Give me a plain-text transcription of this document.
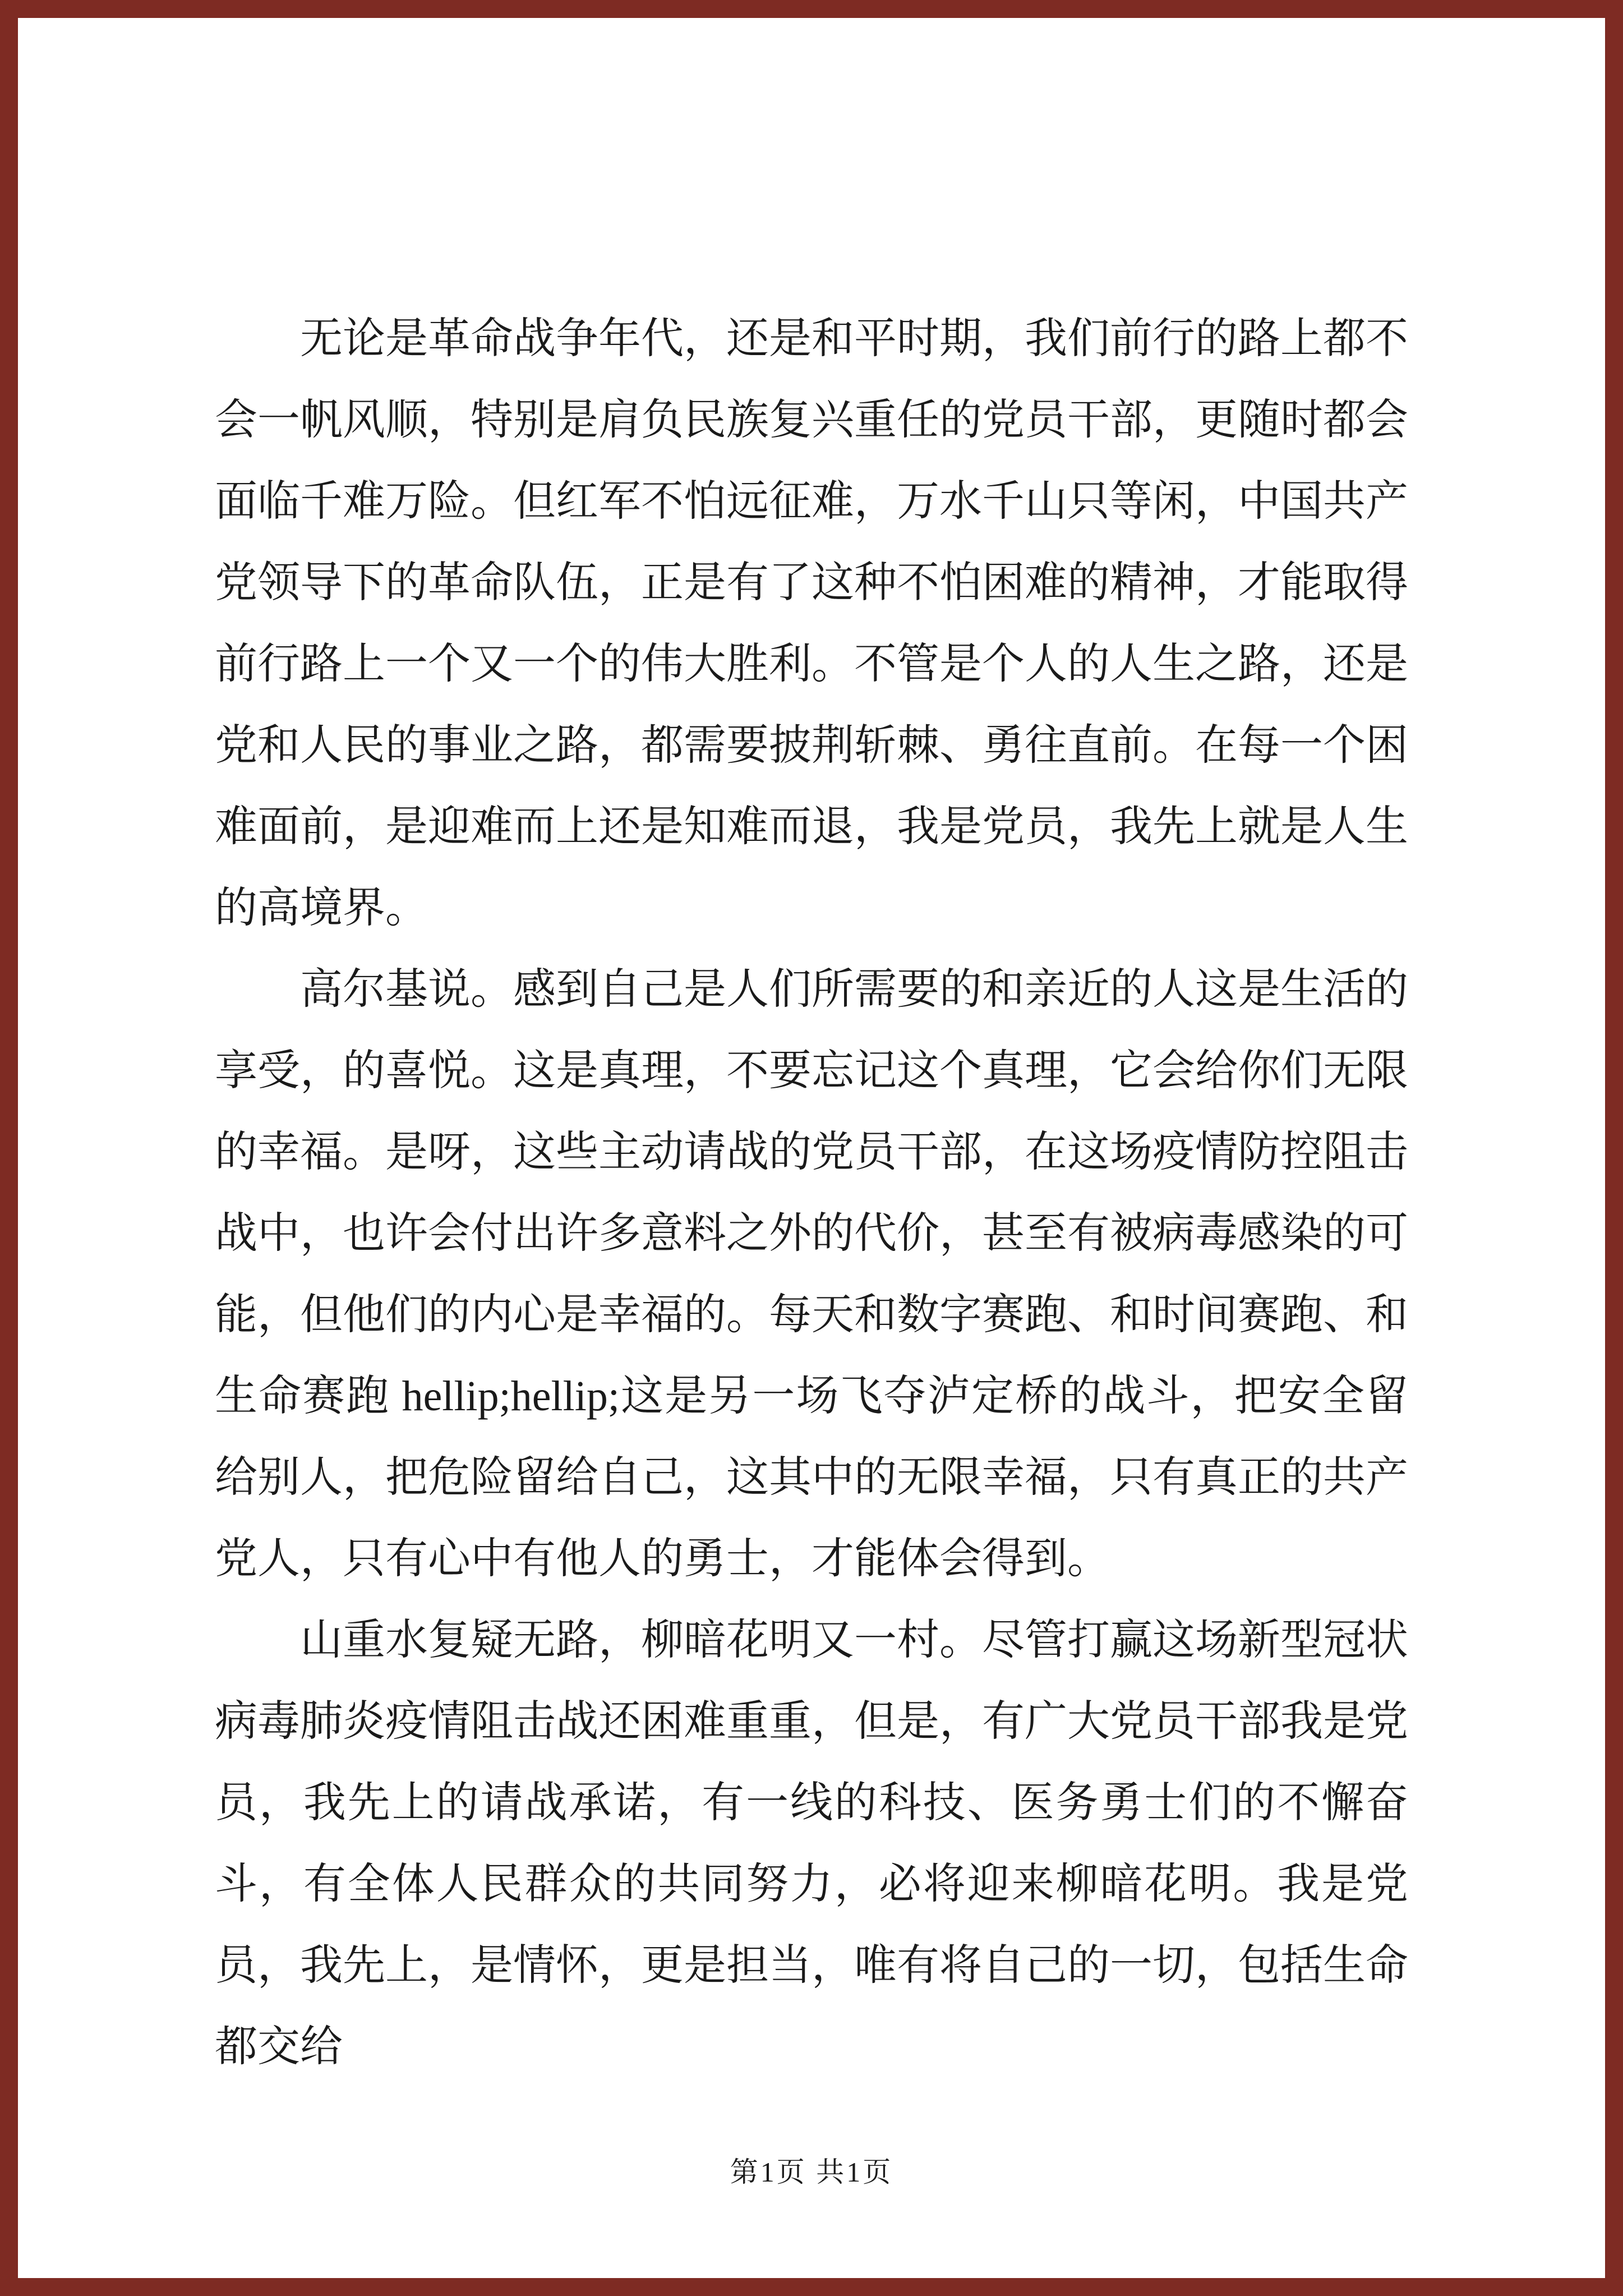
无论是革命战争年代，还是和平时期，我们前行的路上都不会一帆风顺，特别是肩负民族复兴重任的党员干部，更随时都会面临千难万险。但红军不怕远征难，万水千山只等闲，中国共产党领导下的革命队伍，正是有了这种不怕困难的精神，才能取得前行路上一个又一个的伟大胜利。不管是个人的人生之路，还是党和人民的事业之路，都需要披荆斩棘、勇往直前。在每一个困难面前，是迎难而上还是知难而退，我是党员，我先上就是人生的高境界。

高尔基说。感到自己是人们所需要的和亲近的人这是生活的享受，的喜悦。这是真理，不要忘记这个真理，它会给你们无限的幸福。是呀，这些主动请战的党员干部，在这场疫情防控阻击战中，也许会付出许多意料之外的代价，甚至有被病毒感染的可能，但他们的内心是幸福的。每天和数字赛跑、和时间赛跑、和生命赛跑 hellip;hellip;这是另一场飞夺泸定桥的战斗，把安全留给别人，把危险留给自己，这其中的无限幸福，只有真正的共产党人，只有心中有他人的勇士，才能体会得到。

山重水复疑无路，柳暗花明又一村。尽管打赢这场新型冠状病毒肺炎疫情阻击战还困难重重，但是，有广大党员干部我是党员，我先上的请战承诺，有一线的科技、医务勇士们的不懈奋斗，有全体人民群众的共同努力，必将迎来柳暗花明。我是党员，我先上，是情怀，更是担当，唯有将自己的一切，包括生命都交给

第1页 共1页
